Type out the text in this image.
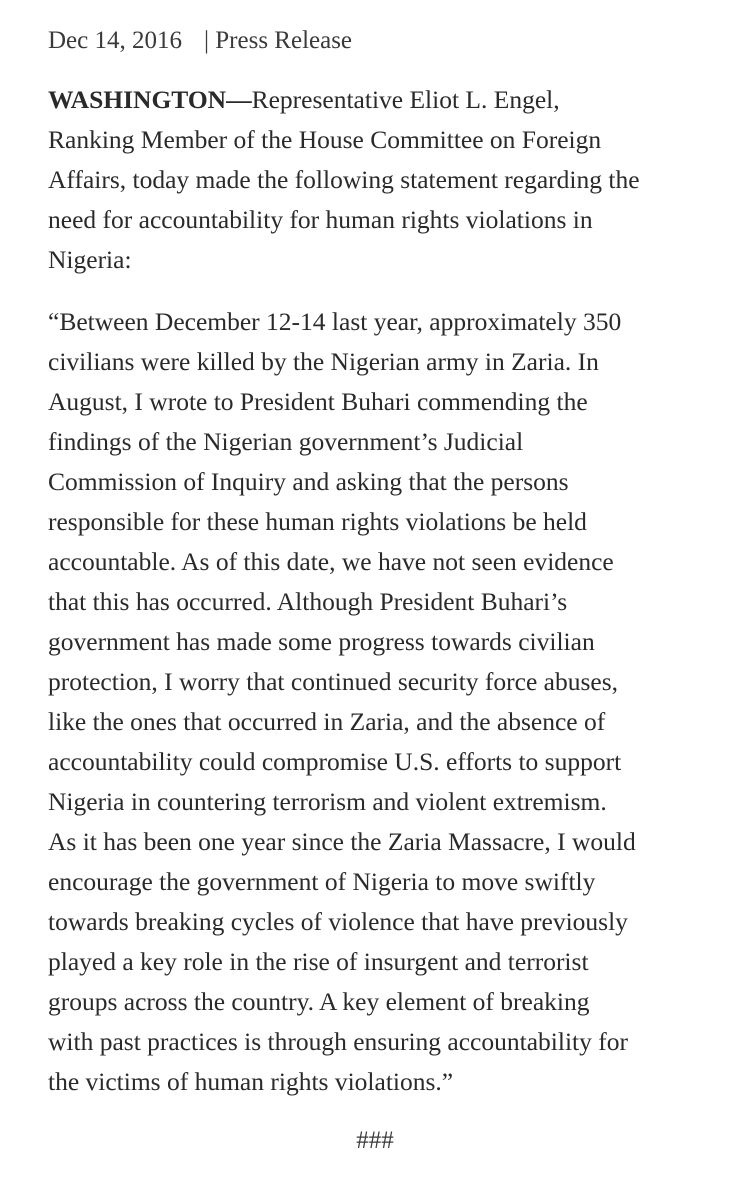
Dec 14, 2016 | Press Release

WASHINGTON—Representative Eliot L. Engel,
Ranking Member of the House Committee on Foreign
Affairs, today made the following statement regarding the
need for accountability for human rights violations in
Nigeria:

“Between December 12-14 last year, approximately 350
civilians were killed by the Nigerian army in Zaria. In
August, I wrote to President Buhari commending the
findings of the Nigerian government’s Judicial
Commission of Inquiry and asking that the persons
responsible for these human rights violations be held
accountable. As of this date, we have not seen evidence
that this has occurred. Although President Buhari’s
government has made some progress towards civilian
protection, I worry that continued security force abuses,
like the ones that occurred in Zaria, and the absence of
accountability could compromise U.S. efforts to support
Nigeria in countering terrorism and violent extremism.
As it has been one year since the Zaria Massacre, I would
encourage the government of Nigeria to move swiftly
towards breaking cycles of violence that have previously
played a key role in the rise of insurgent and terrorist
groups across the country. A key element of breaking
with past practices is through ensuring accountability for
the victims of human rights violations.”

###
